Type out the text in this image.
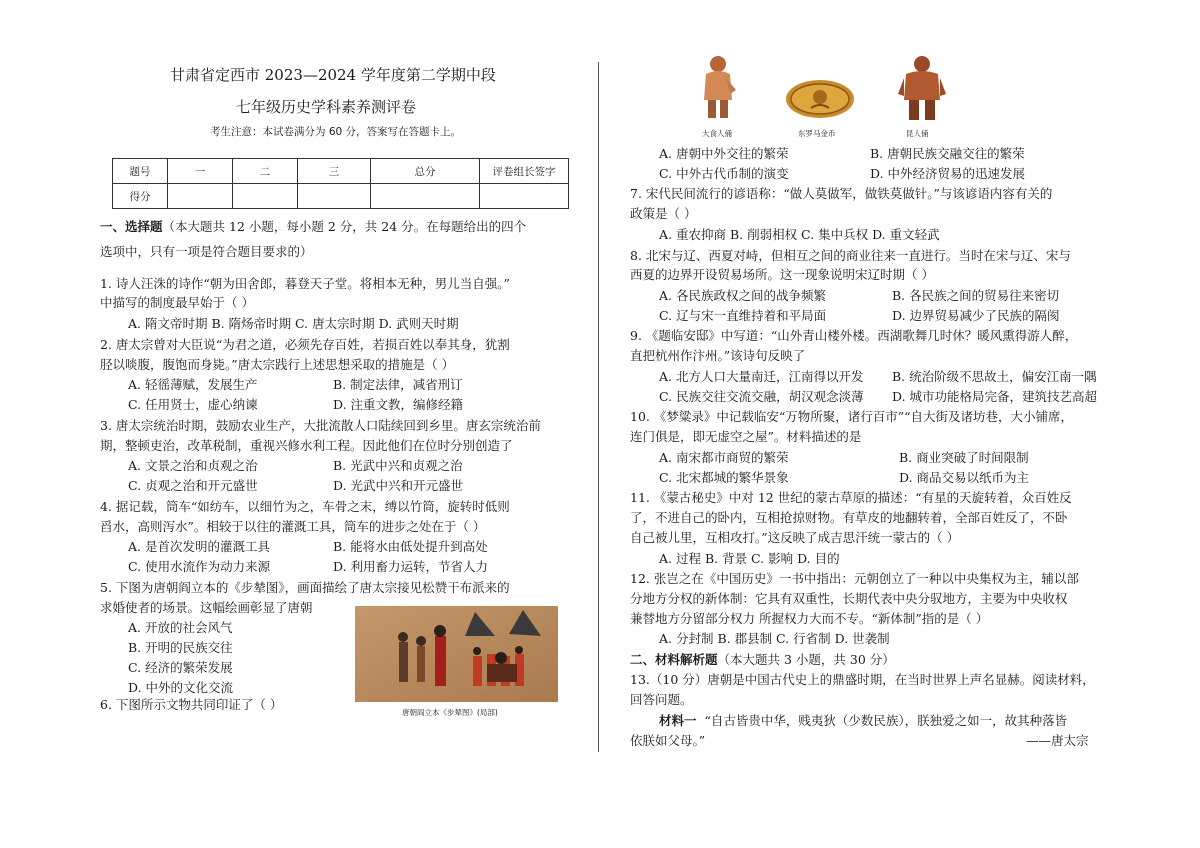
甘肃省定西市 2023—2024 学年度第二学期中段
七年级历史学科素养测评卷
考生注意：本试卷满分为 60 分，答案写在答题卡上。
题号	一	二	三	总分	评卷组长签字
得分					
一、选择题（本大题共 12 小题，每小题 2 分，共 24 分。在每题给出的四个
选项中，只有一项是符合题目要求的）
1. 诗人汪洙的诗作“朝为田舍郎，暮登天子堂。将相本无种，男儿当自强。”
中描写的制度最早始于（ ）
A. 隋文帝时期 B. 隋炀帝时期 C. 唐太宗时期 D. 武则天时期
2. 唐太宗曾对大臣说“为君之道，必须先存百姓，若损百姓以奉其身，犹割
胫以啖腹，腹饱而身毙。”唐太宗践行上述思想采取的措施是（ ）
A. 轻徭薄赋，发展生产	B. 制定法律，减省刑订
C. 任用贤士，虚心纳谏	D. 注重文教，编修经籍
3. 唐太宗统治时期，鼓励农业生产，大批流散人口陆续回到乡里。唐玄宗统治前
期，整顿吏治，改革税制，重视兴修水利工程。因此他们在位时分别创造了
A. 文景之治和贞观之治	B. 光武中兴和贞观之治
C. 贞观之治和开元盛世	D. 光武中兴和开元盛世
4. 据记载，筒车“如纺车，以细竹为之，车骨之末，缚以竹筒，旋转时低则
舀水，高则泻水”。相较于以往的灌溉工具，筒车的进步之处在于（ ）
A. 是首次发明的灌溉工具	B. 能将水由低处提升到高处
C. 使用水流作为动力来源	D. 利用畜力运转，节省人力
5. 下图为唐朝阎立本的《步辇图》，画面描绘了唐太宗接见松赞干布派来的
求婚使者的场景。这幅绘画彰显了唐朝
A. 开放的社会风气
B. 开明的民族交往
C. 经济的繁荣发展
D. 中外的文化交流
唐朝阎立本《步辇图》(局部)
6. 下图所示文物共同印证了（ ）
大食人俑	东罗马金币	昆人俑
A. 唐朝中外交往的繁荣	B. 唐朝民族交融交往的繁荣
C. 中外古代币制的演变	D. 中外经济贸易的迅速发展
7. 宋代民间流行的谚语称：“做人莫做军，做铁莫做针。”与该谚语内容有关的
政策是（ ）
A. 重农抑商 B. 削弱相权 C. 集中兵权 D. 重文轻武
8. 北宋与辽、西夏对峙，但相互之间的商业往来一直进行。当时在宋与辽、宋与
西夏的边界开设贸易场所。这一现象说明宋辽时期（ ）
A. 各民族政权之间的战争频繁	B. 各民族之间的贸易往来密切
C. 辽与宋一直维持着和平局面	D. 边界贸易减少了民族的隔阂
9. 《题临安邸》中写道：“山外青山楼外楼。西湖歌舞几时休？暖风熏得游人醉，
直把杭州作汴州。”该诗句反映了
A. 北方人口大量南迁，江南得以开发 B. 统治阶级不思故土，偏安江南一隅
C. 民族交往交流交融，胡汉观念淡薄 D. 城市功能格局完备，建筑技艺高超
10. 《梦粱录》中记载临安“万物所聚，诸行百市”“自大街及诸坊巷，大小铺席，
连门俱是，即无虚空之屋”。材料描述的是
A. 南宋都市商贸的繁荣	B. 商业突破了时间限制
C. 北宋都城的繁华景象	D. 商品交易以纸币为主
11. 《蒙古秘史》中对 12 世纪的蒙古草原的描述：“有星的天旋转着，众百姓反
了，不进自己的卧内，互相抢掠财物。有草皮的地翻转着，全部百姓反了，不卧
自己被儿里，互相攻打。”这反映了成吉思汗统一蒙古的（ ）
A. 过程 B. 背景 C. 影响 D. 目的
12. 张岂之在《中国历史》一书中指出：元朝创立了一种以中央集权为主，辅以部
分地方分权的新体制：它具有双重性，长期代表中央分驭地方，主要为中央收权
兼替地方分留部分权力 所握权力大而不专。“新体制”指的是（ ）
A. 分封制 B. 郡县制 C. 行省制 D. 世袭制
二、材料解析题（本大题共 3 小题，共 30 分）
13.（10 分）唐朝是中国古代史上的鼎盛时期，在当时世界上声名显赫。阅读材料，
回答问题。
材料一 “自古皆贵中华，贱夷狄（少数民族），朕独爱之如一，故其种落皆
依朕如父母。”	——唐太宗
